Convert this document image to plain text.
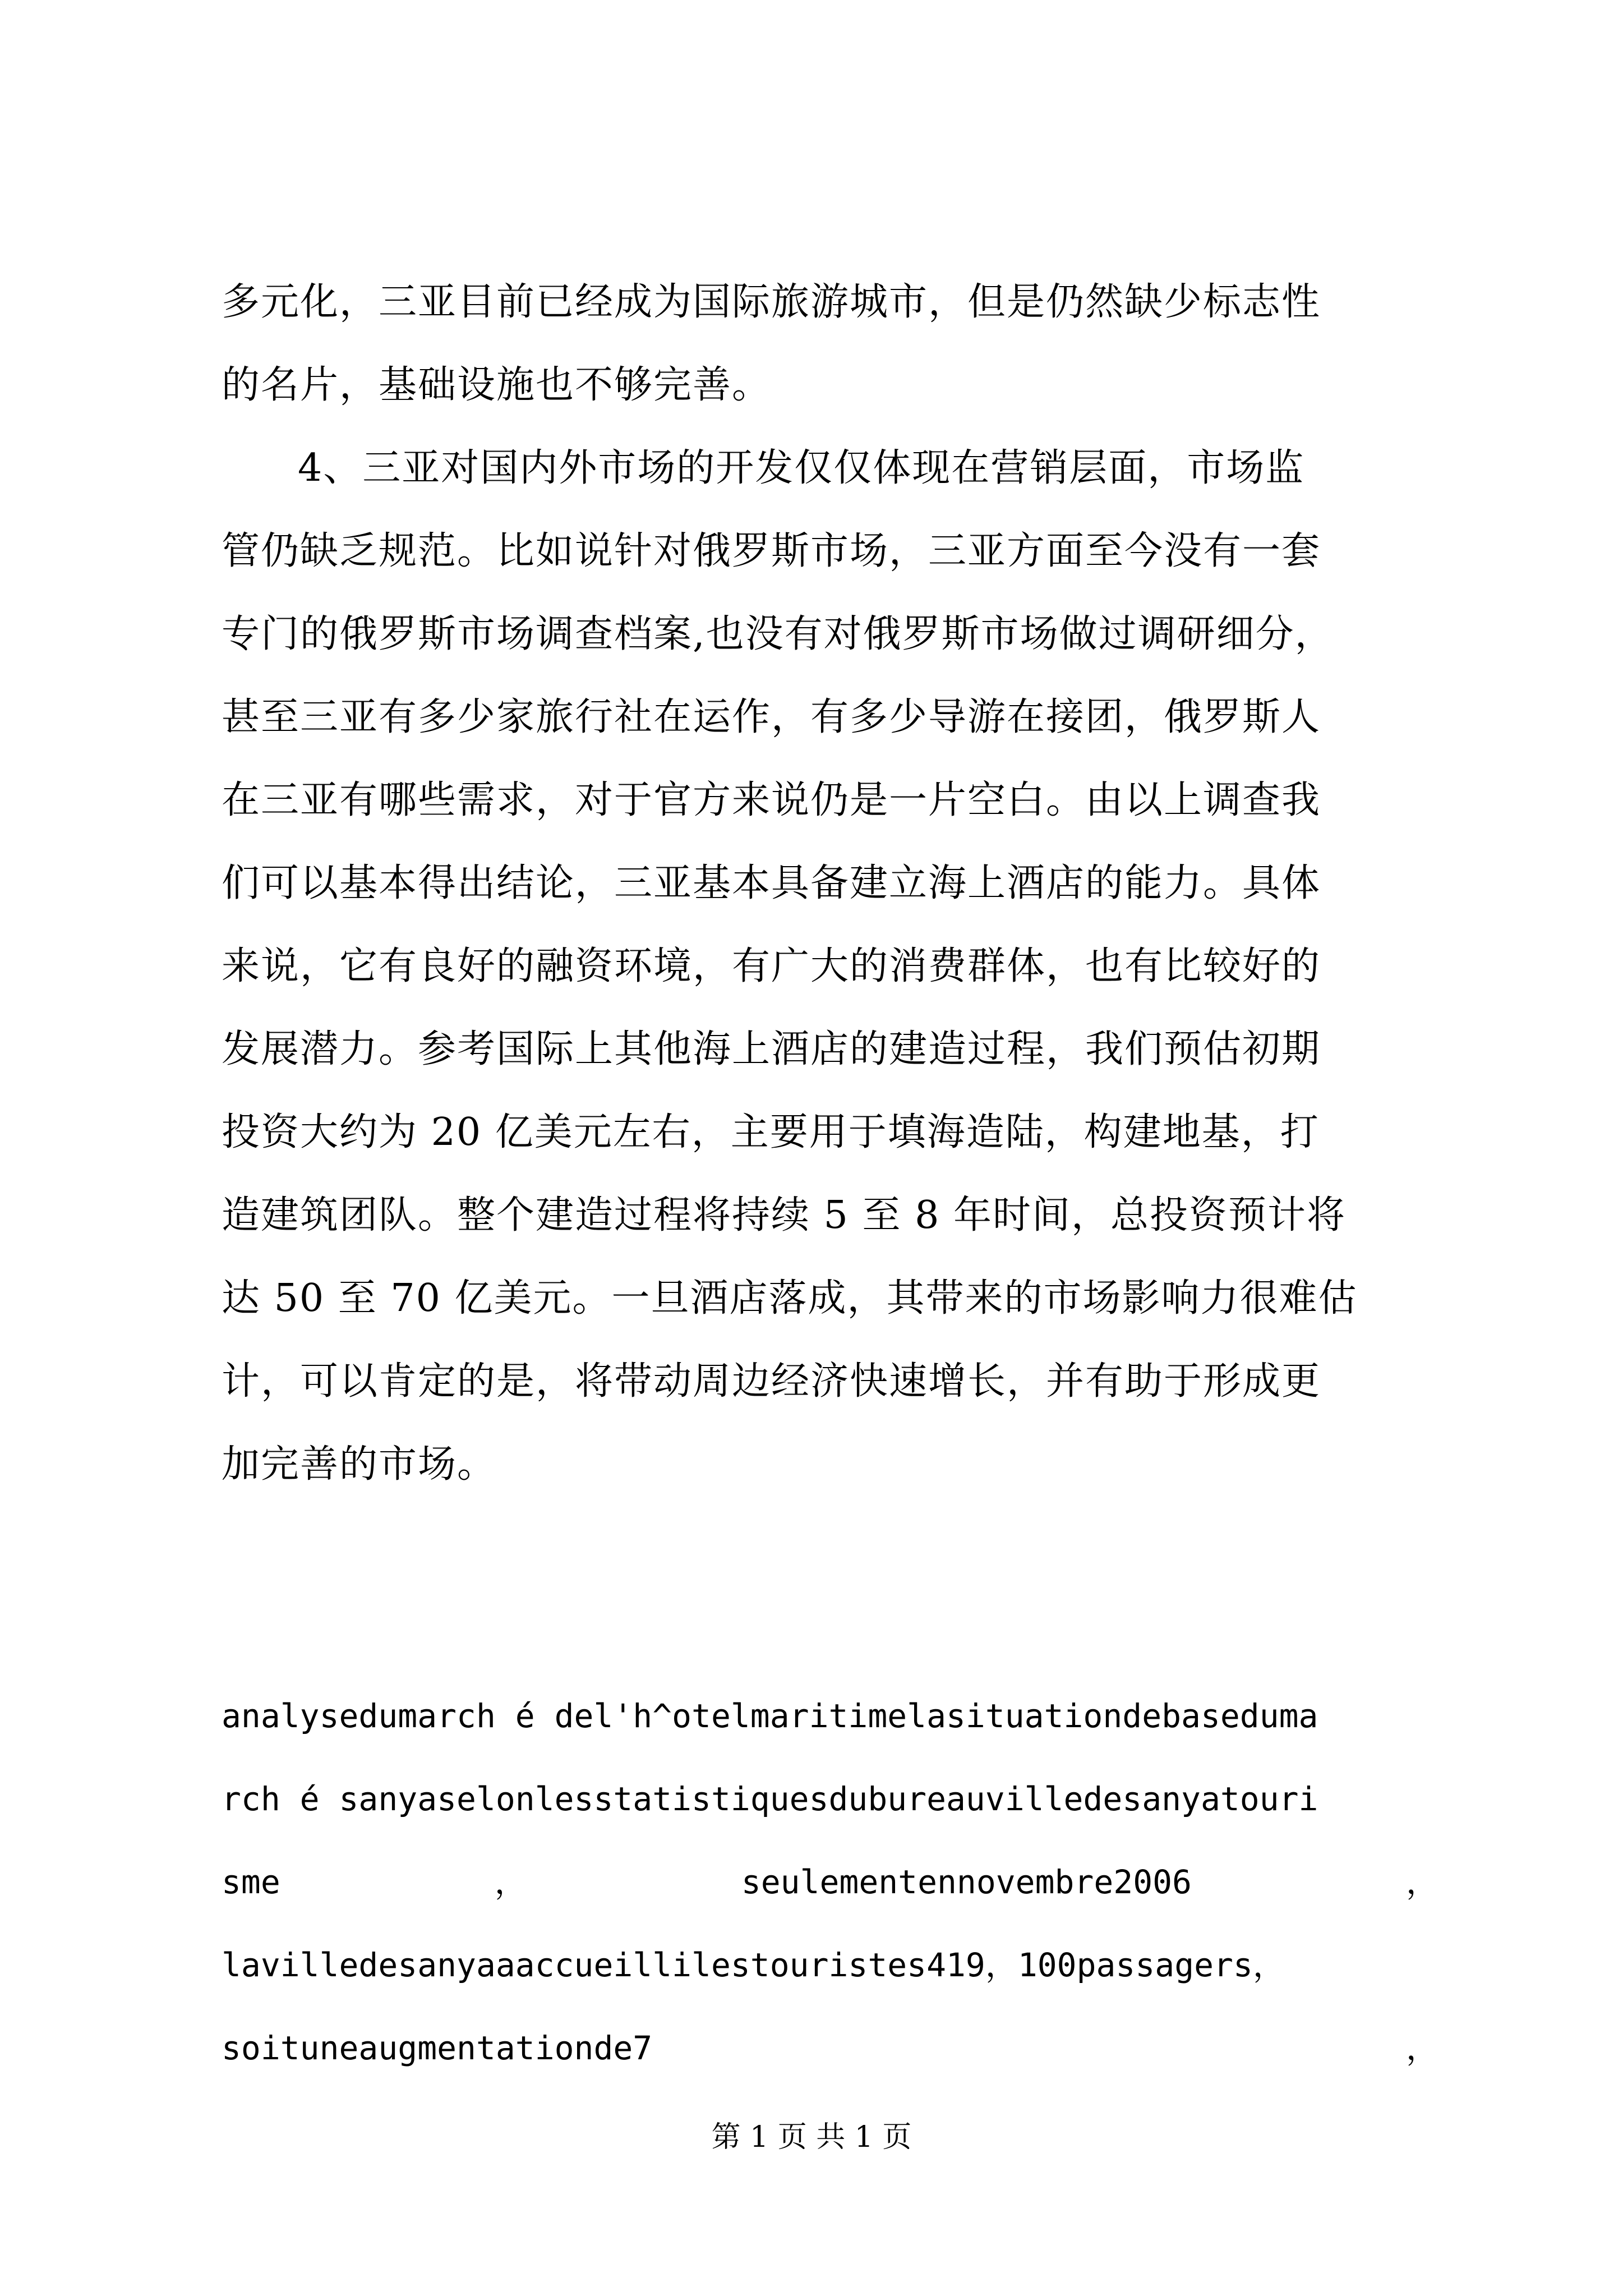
多元化，三亚目前已经成为国际旅游城市，但是仍然缺少标志性
的名片，基础设施也不够完善。
4、三亚对国内外市场的开发仅仅体现在营销层面，市场监
管仍缺乏规范。比如说针对俄罗斯市场，三亚方面至今没有一套
专门的俄罗斯市场调查档案,也没有对俄罗斯市场做过调研细分，
甚至三亚有多少家旅行社在运作，有多少导游在接团，俄罗斯人
在三亚有哪些需求，对于官方来说仍是一片空白。由以上调查我
们可以基本得出结论，三亚基本具备建立海上酒店的能力。具体
来说，它有良好的融资环境，有广大的消费群体，也有比较好的
发展潜力。参考国际上其他海上酒店的建造过程，我们预估初期
投资大约为 20 亿美元左右，主要用于填海造陆，构建地基，打
造建筑团队。整个建造过程将持续 5 至 8 年时间，总投资预计将
达 50 至 70 亿美元。一旦酒店落成，其带来的市场影响力很难估
计，可以肯定的是，将带动周边经济快速增长，并有助于形成更
加完善的市场。
analysedumarch é del'h^otelmaritimelasituationdebaseduma
rch é sanyaselonlesstatistiquesdubureauvilledesanyatouri
sme	，	seulementennovembre2006	，
lavilledesanyaaaccueillilestouristes419，100passagers，
soituneaugmentationde7	，
第 1 页 共 1 页
